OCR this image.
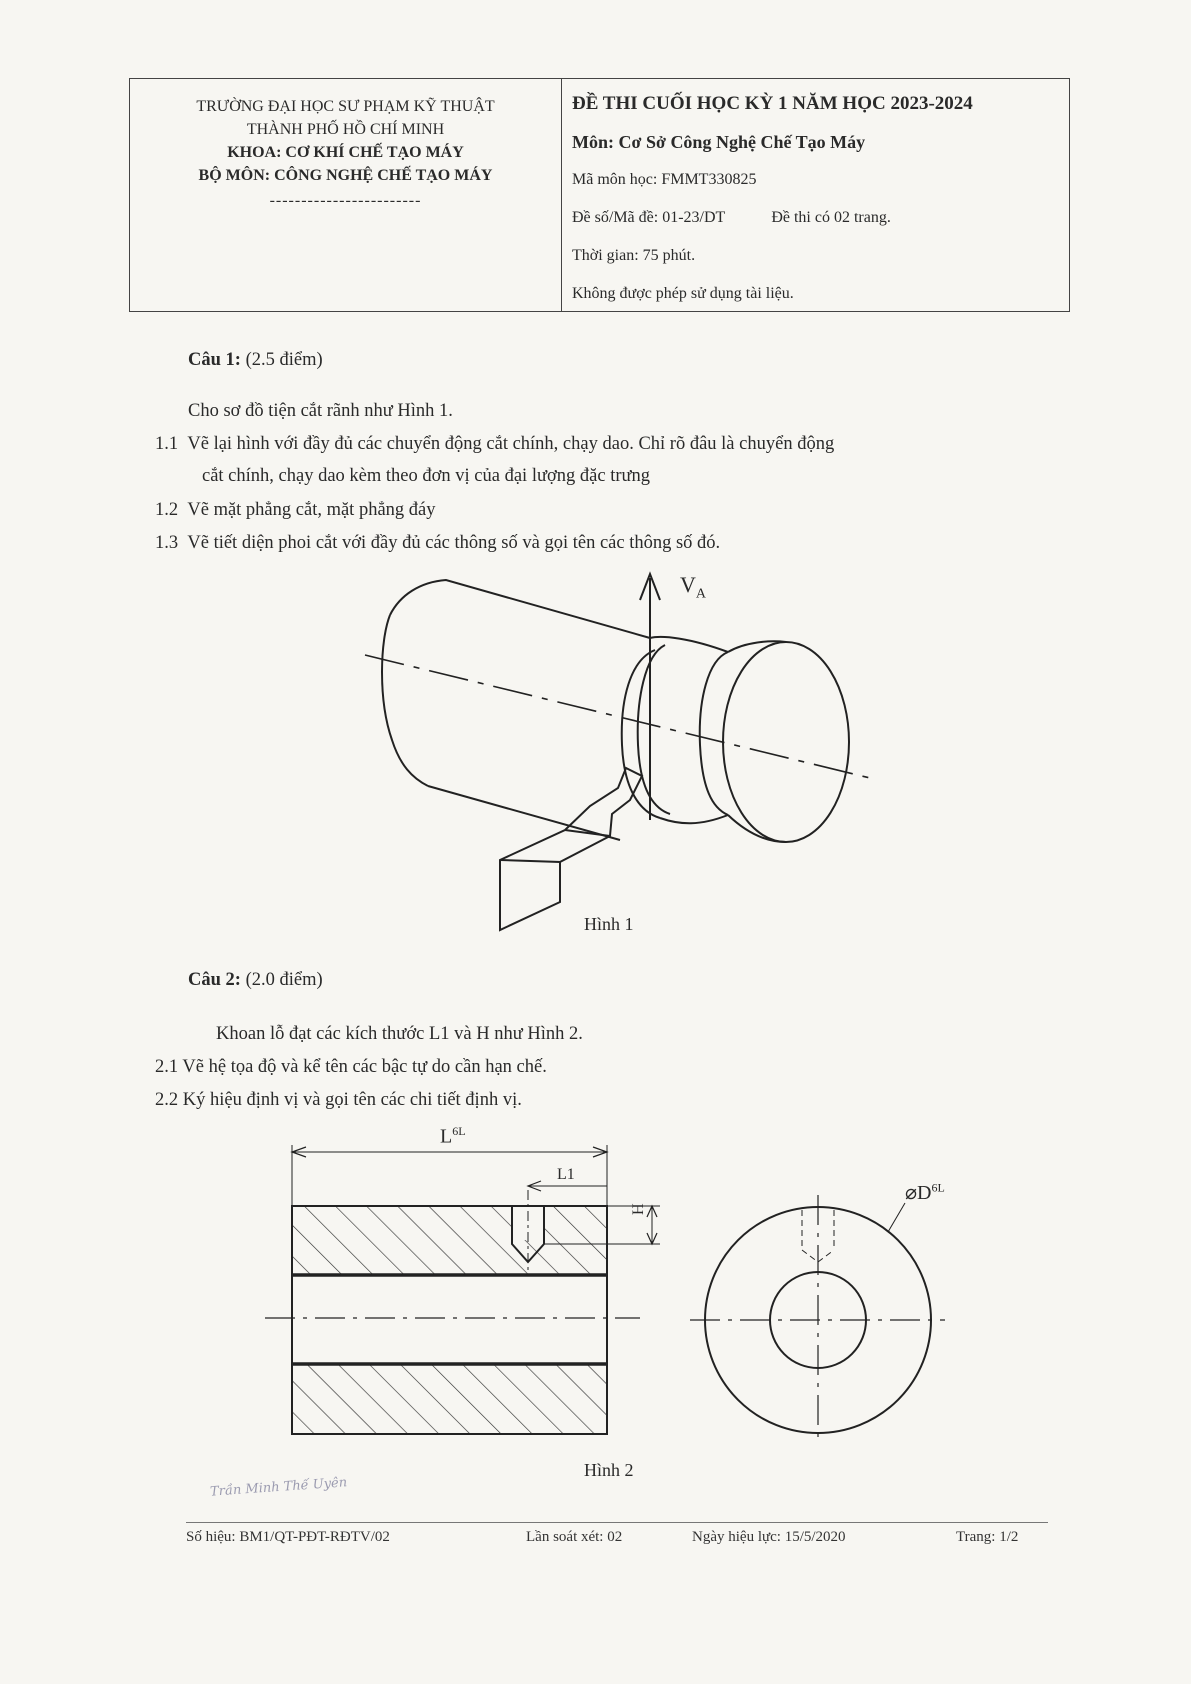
TRƯỜNG ĐẠI HỌC SƯ PHẠM KỸ THUẬT
THÀNH PHỐ HỒ CHÍ MINH
KHOA: CƠ KHÍ CHẾ TẠO MÁY
BỘ MÔN: CÔNG NGHỆ CHẾ TẠO MÁY
------------------------
ĐỀ THI CUỐI HỌC KỲ 1 NĂM HỌC 2023-2024
Môn: Cơ Sở Công Nghệ Chế Tạo Máy
Mã môn học: FMMT330825
Đề số/Mã đề: 01-23/DT	Đề thi có 02 trang.
Thời gian: 75 phút.
Không được phép sử dụng tài liệu.
Câu 1: (2.5 điểm)
Cho sơ đồ tiện cắt rãnh như Hình 1.
1.1 Vẽ lại hình với đầy đủ các chuyển động cắt chính, chạy dao. Chỉ rõ đâu là chuyển động
cắt chính, chạy dao kèm theo đơn vị của đại lượng đặc trưng
1.2 Vẽ mặt phẳng cắt, mặt phẳng đáy
1.3 Vẽ tiết diện phoi cắt với đầy đủ các thông số và gọi tên các thông số đó.
$V_A$
Hình 1
Câu 2: (2.0 điểm)
Khoan lỗ đạt các kích thước L1 và H như Hình 2.
2.1 Vẽ hệ tọa độ và kể tên các bậc tự do cần hạn chế.
2.2 Ký hiệu định vị và gọi tên các chi tiết định vị.
$L^{6L}$
L1
H
$⌀D^{6L}$
Hình 2
Trần Minh Thế Uyên
Số hiệu: BM1/QT-PĐT-RĐTV/02	Lần soát xét: 02	Ngày hiệu lực: 15/5/2020	Trang: 1/2
